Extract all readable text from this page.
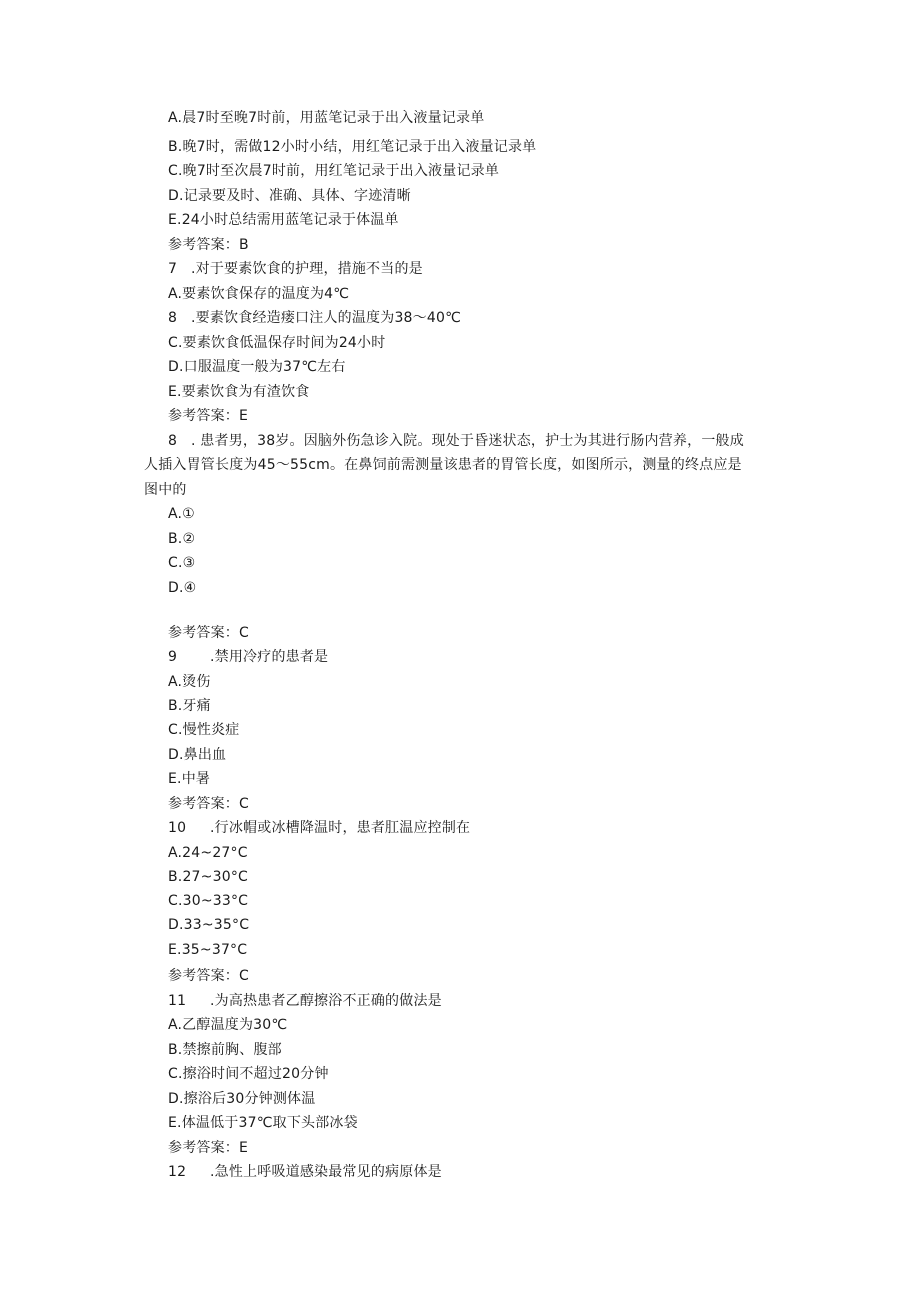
A.晨7时至晚7时前，用蓝笔记录于出入液量记录单
B.晚7时，需做12小时小结，用红笔记录于出入液量记录单
C.晚7时至次晨7时前，用红笔记录于出入液量记录单
D.记录要及时、准确、具体、字迹清晰
E.24小时总结需用蓝笔记录于体温单
参考答案：B
7 .对于要素饮食的护理，措施不当的是
A.要素饮食保存的温度为4℃
8 .要素饮食经造瘘口注人的温度为38～40℃
C.要素饮食低温保存时间为24小时
D.口服温度一般为37℃左右
E.要素饮食为有渣饮食
参考答案：E
8 . 患者男，38岁。因脑外伤急诊入院。现处于昏迷状态，护士为其进行肠内营养，一般成
人插入胃管长度为45～55cm。在鼻饲前需测量该患者的胃管长度，如图所示，测量的终点应是
图中的
A.①
B.②
C.③
D.④
参考答案：C
9 .禁用冷疗的患者是
A.烫伤
B.牙痛
C.慢性炎症
D.鼻出血
E.中暑
参考答案：C
10 .行冰帽或冰槽降温时，患者肛温应控制在
A.24~27°C
B.27~30°C
C.30~33°C
D.33~35°C
E.35~37°C
参考答案：C
11 .为高热患者乙醇擦浴不正确的做法是
A.乙醇温度为30℃
B.禁擦前胸、腹部
C.擦浴时间不超过20分钟
D.擦浴后30分钟测体温
E.体温低于37℃取下头部冰袋
参考答案：E
12 .急性上呼吸道感染最常见的病原体是
